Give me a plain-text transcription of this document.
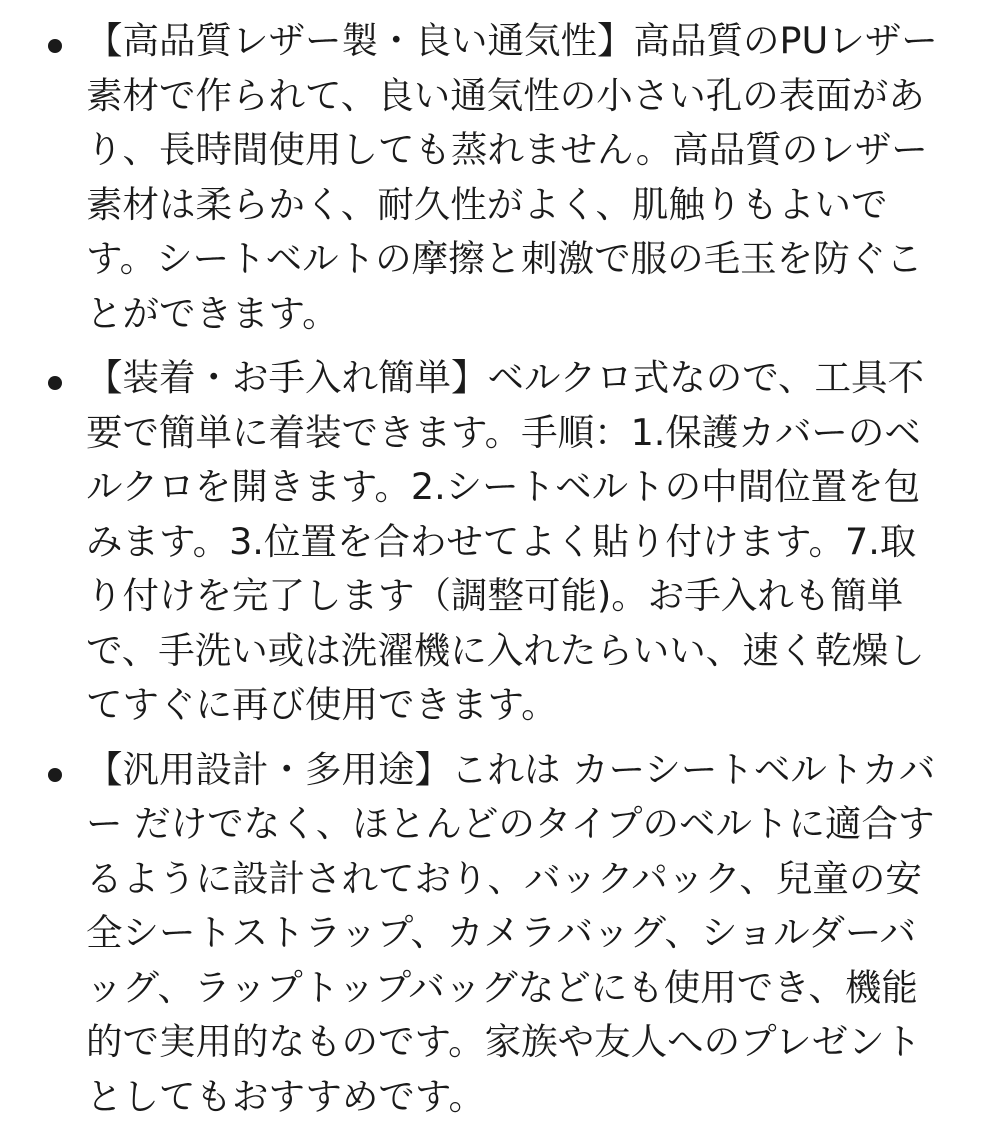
【高品質レザー製・良い通気性】高品質のPUレザー素材で作られて、良い通気性の小さい孔の表面があり、長時間使用しても蒸れません。高品質のレザー素材は柔らかく、耐久性がよく、肌触りもよいです。シートベルトの摩擦と刺激で服の毛玉を防ぐことができます。

【装着・お手入れ簡単】ベルクロ式なので、工具不要で簡単に着装できます。手順：1.保護カバーのベルクロを開きます。2.シートベルトの中間位置を包みます。3.位置を合わせてよく貼り付けます。7.取り付けを完了します（調整可能)。お手入れも簡単で、手洗い或は洗濯機に入れたらいい、速く乾燥してすぐに再び使用できます。

【汎用設計・多用途】これは カーシートベルトカバー だけでなく、ほとんどのタイプのベルトに適合するように設計されており、バックパック、兒童の安全シートストラップ、カメラバッグ、ショルダーバッグ、ラップトップバッグなどにも使用でき、機能的で実用的なものです。家族や友人へのプレゼントとしてもおすすめです。
